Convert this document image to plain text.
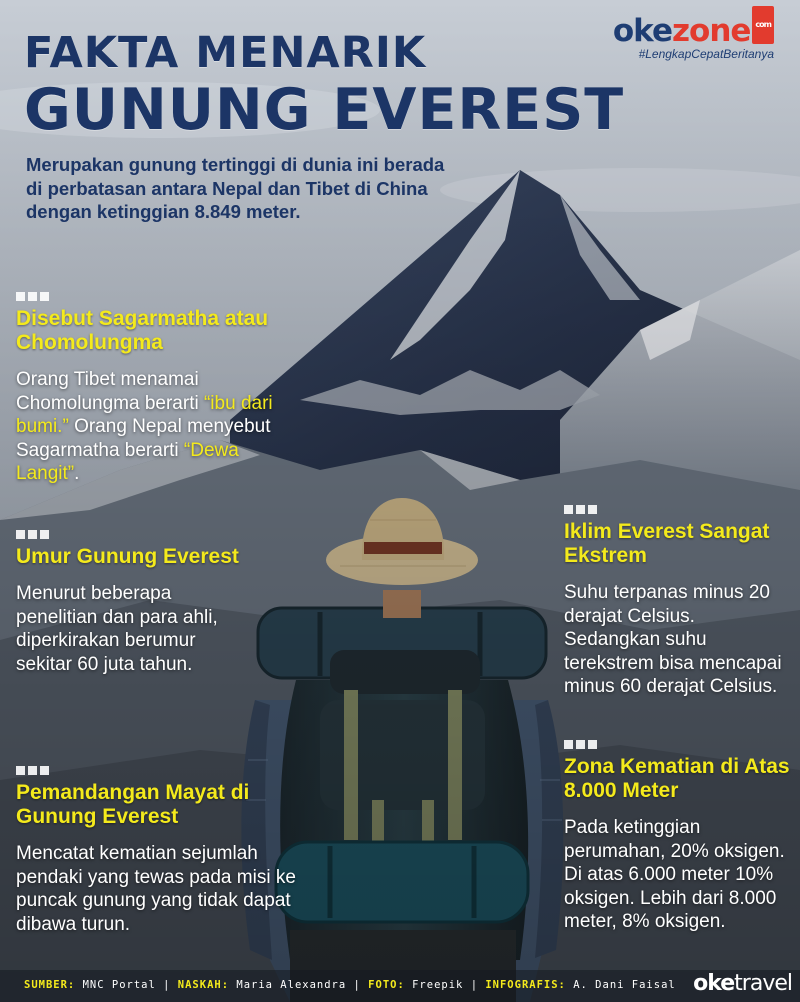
okezone com
#LengkapCepatBeritanya
FAKTA MENARIK
GUNUNG EVEREST

Merupakan gunung tertinggi di dunia ini berada di perbatasan antara Nepal dan Tibet di China dengan ketinggian 8.849 meter.

Disebut Sagarmatha atau Chomolungma

Orang Tibet menamai Chomolungma berarti “ibu dari bumi.” Orang Nepal menyebut Sagarmatha berarti “Dewa Langit”.

Umur Gunung Everest

Menurut beberapa penelitian dan para ahli, diperkirakan berumur sekitar 60 juta tahun.

Pemandangan Mayat di Gunung Everest

Mencatat kematian sejumlah pendaki yang tewas pada misi ke puncak gunung yang tidak dapat dibawa turun.

Iklim Everest Sangat Ekstrem

Suhu terpanas minus 20 derajat Celsius. Sedangkan suhu terekstrem bisa mencapai minus 60 derajat Celsius.

Zona Kematian di Atas 8.000 Meter

Pada ketinggian perumahan, 20% oksigen. Di atas 6.000 meter 10% oksigen. Lebih dari 8.000 meter, 8% oksigen.

SUMBER: MNC Portal | NASKAH: Maria Alexandra | FOTO: Freepik | INFOGRAFIS: A. Dani Faisal oketravel
